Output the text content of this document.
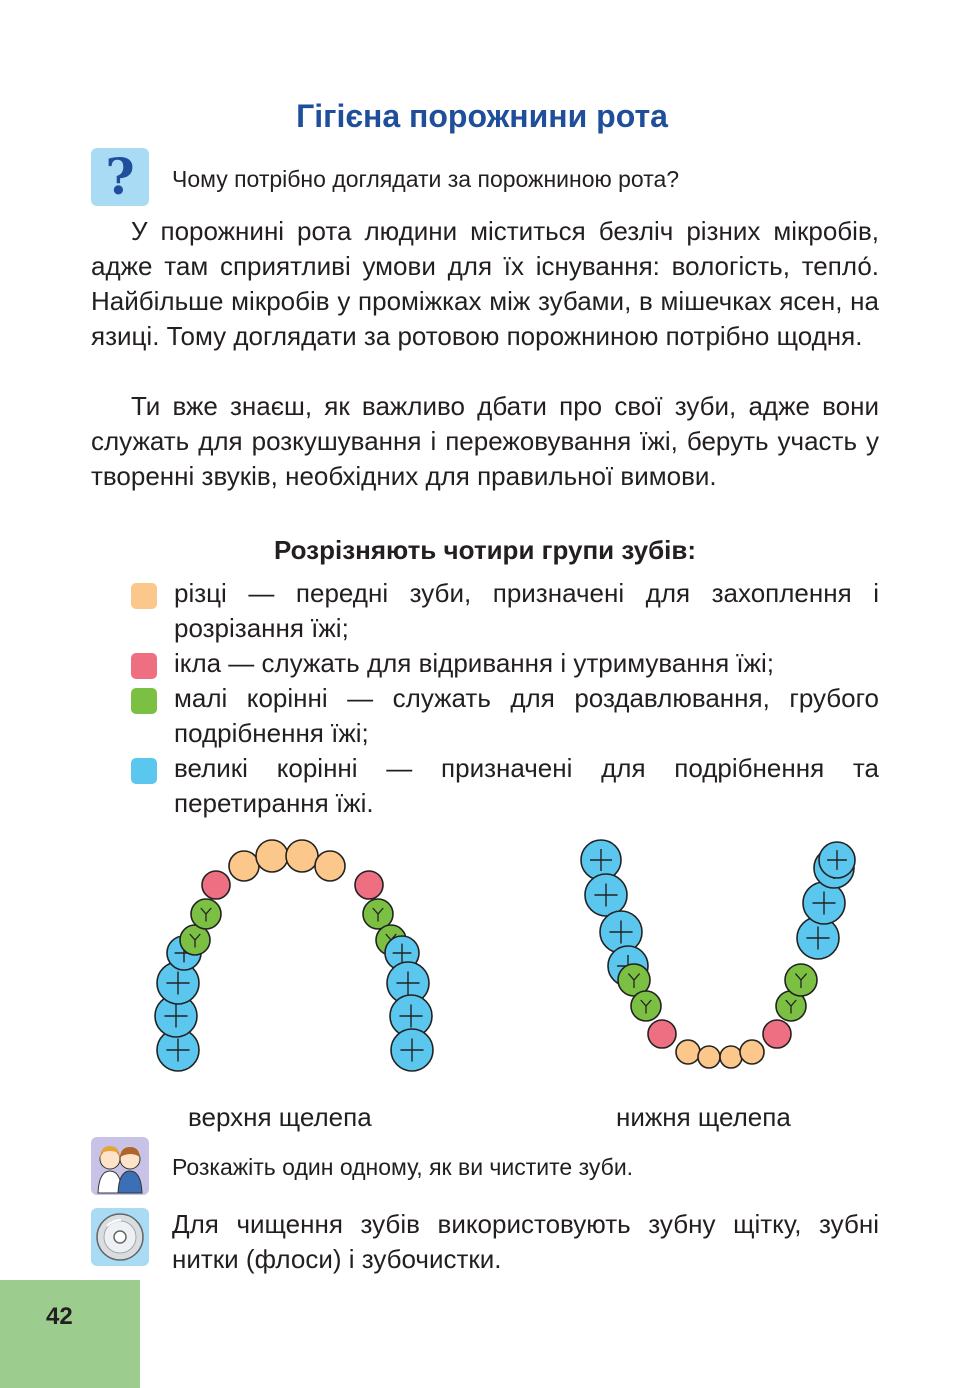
Гігієна порожнини рота
? Чому потрібно доглядати за порожниною рота?

У порожнині рота людини міститься безліч різних мікробів, адже там сприятливі умови для їх існування: вологість, тепло́. Найбільше мікробів у проміжках між зубами, в мішечках ясен, на язиці. Тому доглядати за ротовою порожниною потрібно щодня.

Ти вже знаєш, як важливо дбати про свої зуби, адже вони служать для розкушування і пережовування їжі, беруть участь у творенні звуків, необхідних для правильної вимови.

Розрізняють чотири групи зубів:
різці — передні зуби, призначені для захоплення і розрізання їжі;
ікла — служать для відривання і утримування їжі;
малі корінні — служать для роздавлювання, грубого подрібнення їжі;
великі корінні — призначені для подрібнення та перетирання їжі.
верхня щелепа	нижня щелепа
Розкажіть один одному, як ви чистите зуби.

Для чищення зубів використовують зубну щітку, зубні нитки (флоси) і зубочистки.

42
